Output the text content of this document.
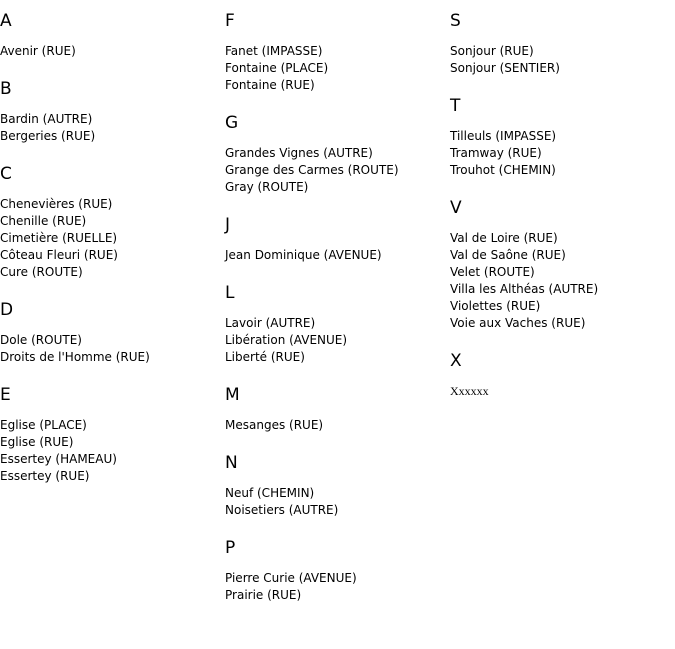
A
Avenir (RUE)
B
Bardin (AUTRE)
Bergeries (RUE)
C
Chenevières (RUE)
Chenille (RUE)
Cimetière (RUELLE)
Côteau Fleuri (RUE)
Cure (ROUTE)
D
Dole (ROUTE)
Droits de l'Homme (RUE)
E
Eglise (PLACE)
Eglise (RUE)
Essertey (HAMEAU)
Essertey (RUE)
F
Fanet (IMPASSE)
Fontaine (PLACE)
Fontaine (RUE)
G
Grandes Vignes (AUTRE)
Grange des Carmes (ROUTE)
Gray (ROUTE)
J
Jean Dominique (AVENUE)
L
Lavoir (AUTRE)
Libération (AVENUE)
Liberté (RUE)
M
Mesanges (RUE)
N
Neuf (CHEMIN)
Noisetiers (AUTRE)
P
Pierre Curie (AVENUE)
Prairie (RUE)
S
Sonjour (RUE)
Sonjour (SENTIER)
T
Tilleuls (IMPASSE)
Tramway (RUE)
Trouhot (CHEMIN)
V
Val de Loire (RUE)
Val de Saône (RUE)
Velet (ROUTE)
Villa les Althéas (AUTRE)
Violettes (RUE)
Voie aux Vaches (RUE)
X
Xxxxxx
